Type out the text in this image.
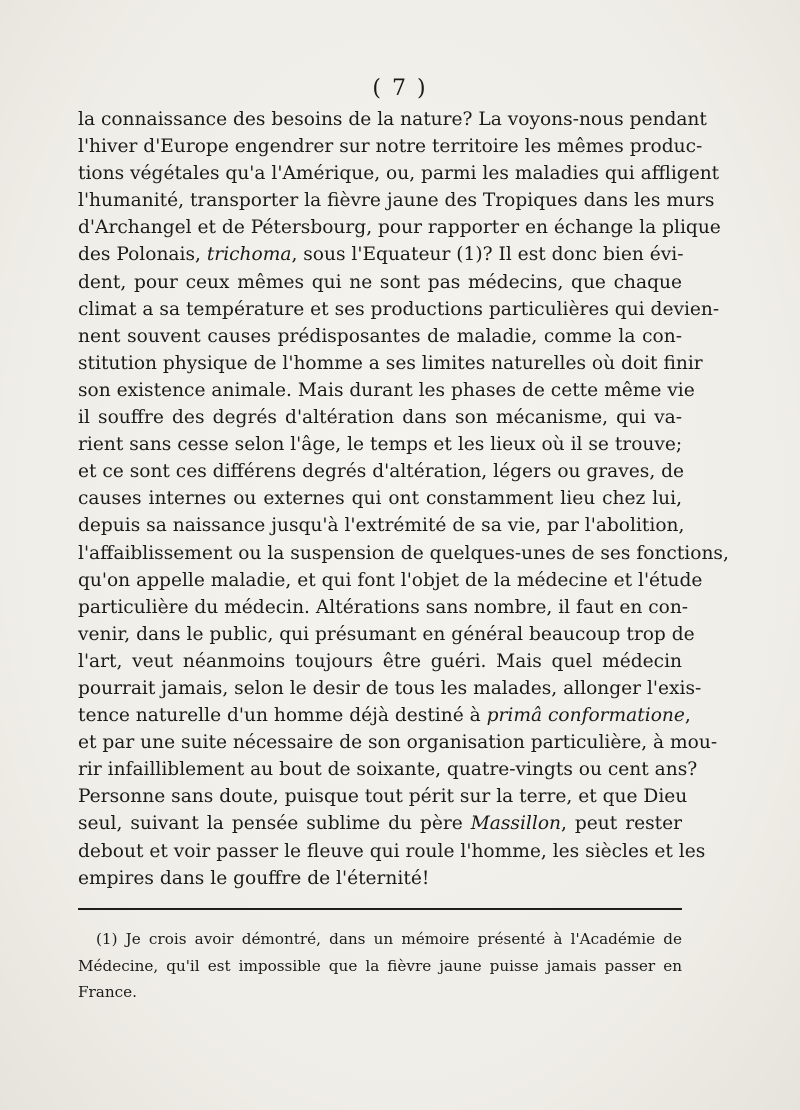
( 7 )
la connaissance des besoins de la nature? La voyons-nous pendant
l'hiver d'Europe engendrer sur notre territoire les mêmes produc-
tions végétales qu'a l'Amérique, ou, parmi les maladies qui affligent
l'humanité, transporter la fièvre jaune des Tropiques dans les murs
d'Archangel et de Pétersbourg, pour rapporter en échange la plique
des Polonais, trichoma, sous l'Equateur (1)? Il est donc bien évi-
dent, pour ceux mêmes qui ne sont pas médecins, que chaque
climat a sa température et ses productions particulières qui devien-
nent souvent causes prédisposantes de maladie, comme la con-
stitution physique de l'homme a ses limites naturelles où doit finir
son existence animale. Mais durant les phases de cette même vie
il souffre des degrés d'altération dans son mécanisme, qui va-
rient sans cesse selon l'âge, le temps et les lieux où il se trouve;
et ce sont ces différens degrés d'altération, légers ou graves, de
causes internes ou externes qui ont constamment lieu chez lui,
depuis sa naissance jusqu'à l'extrémité de sa vie, par l'abolition,
l'affaiblissement ou la suspension de quelques-unes de ses fonctions,
qu'on appelle maladie, et qui font l'objet de la médecine et l'étude
particulière du médecin. Altérations sans nombre, il faut en con-
venir, dans le public, qui présumant en général beaucoup trop de
l'art, veut néanmoins toujours être guéri. Mais quel médecin
pourrait jamais, selon le desir de tous les malades, allonger l'exis-
tence naturelle d'un homme déjà destiné à primâ conformatione,
et par une suite nécessaire de son organisation particulière, à mou-
rir infailliblement au bout de soixante, quatre-vingts ou cent ans?
Personne sans doute, puisque tout périt sur la terre, et que Dieu
seul, suivant la pensée sublime du père Massillon, peut rester
debout et voir passer le fleuve qui roule l'homme, les siècles et les
empires dans le gouffre de l'éternité!
(1) Je crois avoir démontré, dans un mémoire présenté à l'Académie de
Médecine, qu'il est impossible que la fièvre jaune puisse jamais passer en
France.
